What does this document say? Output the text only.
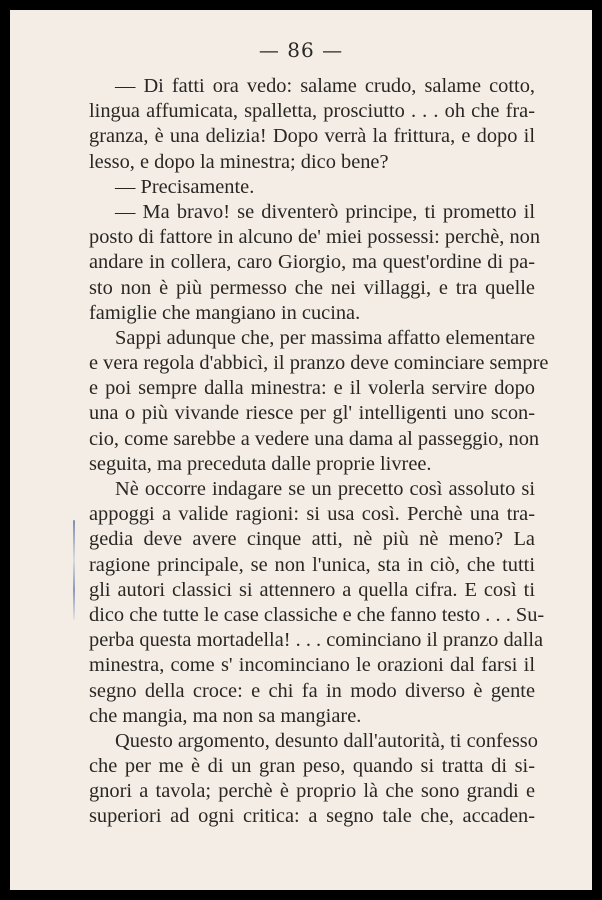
— 86 —

— Di fatti ora vedo: salame crudo, salame cotto,
lingua affumicata, spalletta, prosciutto . . . oh che fra-
granza, è una delizia! Dopo verrà la frittura, e dopo il
lesso, e dopo la minestra; dico bene?
— Precisamente.
— Ma bravo! se diventerò principe, ti prometto il
posto di fattore in alcuno de' miei possessi: perchè, non
andare in collera, caro Giorgio, ma quest'ordine di pa-
sto non è più permesso che nei villaggi, e tra quelle
famiglie che mangiano in cucina.
Sappi adunque che, per massima affatto elementare
e vera regola d'abbicì, il pranzo deve cominciare sempre
e poi sempre dalla minestra: e il volerla servire dopo
una o più vivande riesce per gl' intelligenti uno scon-
cio, come sarebbe a vedere una dama al passeggio, non
seguita, ma preceduta dalle proprie livree.
Nè occorre indagare se un precetto così assoluto si
appoggi a valide ragioni: si usa così. Perchè una tra-
gedia deve avere cinque atti, nè più nè meno? La
ragione principale, se non l'unica, sta in ciò, che tutti
gli autori classici si attennero a quella cifra. E così ti
dico che tutte le case classiche e che fanno testo . . . Su-
perba questa mortadella! . . . cominciano il pranzo dalla
minestra, come s' incominciano le orazioni dal farsi il
segno della croce: e chi fa in modo diverso è gente
che mangia, ma non sa mangiare.
Questo argomento, desunto dall'autorità, ti confesso
che per me è di un gran peso, quando si tratta di si-
gnori a tavola; perchè è proprio là che sono grandi e
superiori ad ogni critica: a segno tale che, accaden-
